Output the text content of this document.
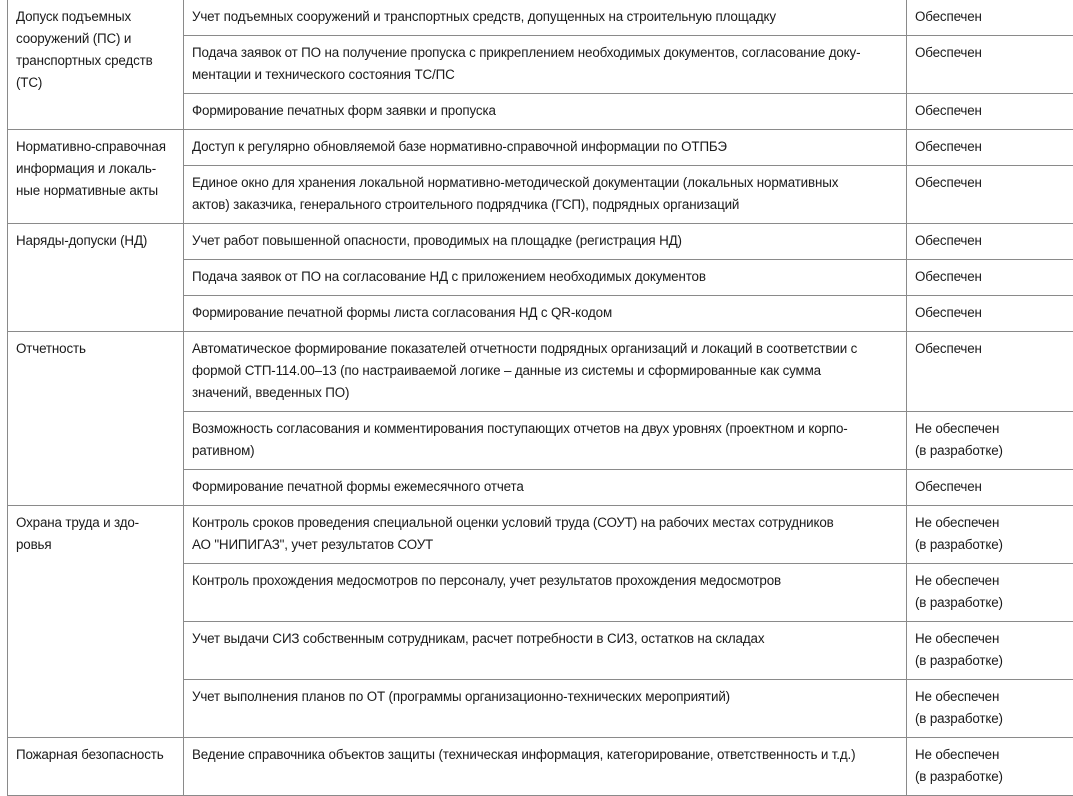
Допуск подъемных
сооружений (ПС) и
транспортных средств
(ТС)	Учет подъемных сооружений и транспортных средств, допущенных на строительную площадку	Обеспечен

	Подача заявок от ПО на получение пропуска с прикреплением необходимых документов, согласование доку-
ментации и технического состояния ТС/ПС	Обеспечен

	Формирование печатных форм заявки и пропуска	Обеспечен

Нормативно-справочная
информация и локаль-
ные нормативные акты	Доступ к регулярно обновляемой базе нормативно-справочной информации по ОТПБЭ	Обеспечен

	Единое окно для хранения локальной нормативно-методической документации (локальных нормативных
актов) заказчика, генерального строительного подрядчика (ГСП), подрядных организаций	Обеспечен

Наряды-допуски (НД)	Учет работ повышенной опасности, проводимых на площадке (регистрация НД)	Обеспечен

	Подача заявок от ПО на согласование НД с приложением необходимых документов	Обеспечен

	Формирование печатной формы листа согласования НД с QR-кодом	Обеспечен

Отчетность	Автоматическое формирование показателей отчетности подрядных организаций и локаций в соответствии с
формой СТП-114.00–13 (по настраиваемой логике – данные из системы и сформированные как сумма
значений, введенных ПО)	Обеспечен

	Возможность согласования и комментирования поступающих отчетов на двух уровнях (проектном и корпо-
ративном)	Не обеспечен
(в разработке)

	Формирование печатной формы ежемесячного отчета	Обеспечен

Охрана труда и здо-
ровья	Контроль сроков проведения специальной оценки условий труда (СОУТ) на рабочих местах сотрудников
АО "НИПИГАЗ", учет результатов СОУТ	Не обеспечен
(в разработке)

	Контроль прохождения медосмотров по персоналу, учет результатов прохождения медосмотров	Не обеспечен
(в разработке)

	Учет выдачи СИЗ собственным сотрудникам, расчет потребности в СИЗ, остатков на складах	Не обеспечен
(в разработке)

	Учет выполнения планов по ОТ (программы организационно-технических мероприятий)	Не обеспечен
(в разработке)

Пожарная безопасность	Ведение справочника объектов защиты (техническая информация, категорирование, ответственность и т.д.)	Не обеспечен
(в разработке)
